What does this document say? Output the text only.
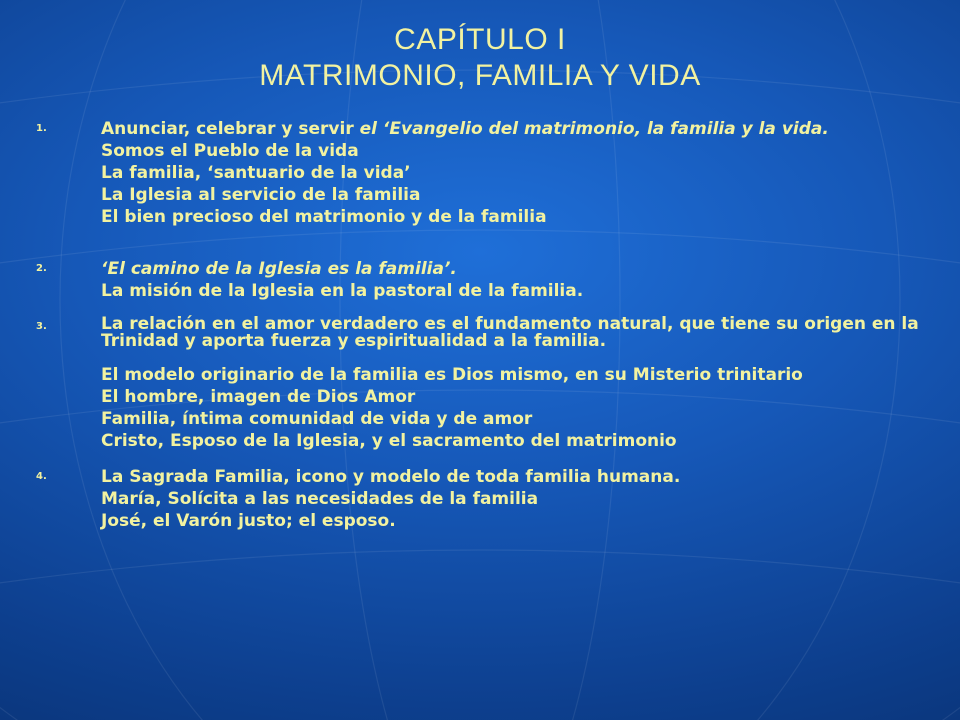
CAPÍTULO I
MATRIMONIO, FAMILIA Y VIDA
1.	Anunciar, celebrar y servir el ‘Evangelio del matrimonio, la familia y la vida.
Somos el Pueblo de la vida
La familia, ‘santuario de la vida’
La Iglesia al servicio de la familia
El bien precioso del matrimonio y de la familia
2.	‘El camino de la Iglesia es la familia’.
La misión de la Iglesia en la pastoral de la familia.
3.	La relación en el amor verdadero es el fundamento natural, que tiene su origen en la Trinidad y aporta fuerza y espiritualidad a la familia.
El modelo originario de la familia es Dios mismo, en su Misterio trinitario
El hombre, imagen de Dios Amor
Familia, íntima comunidad de vida y de amor
Cristo, Esposo de la Iglesia, y el sacramento del matrimonio
4.	La Sagrada Familia, icono y modelo de toda familia humana.
María, Solícita a las necesidades de la familia
José, el Varón justo; el esposo.
